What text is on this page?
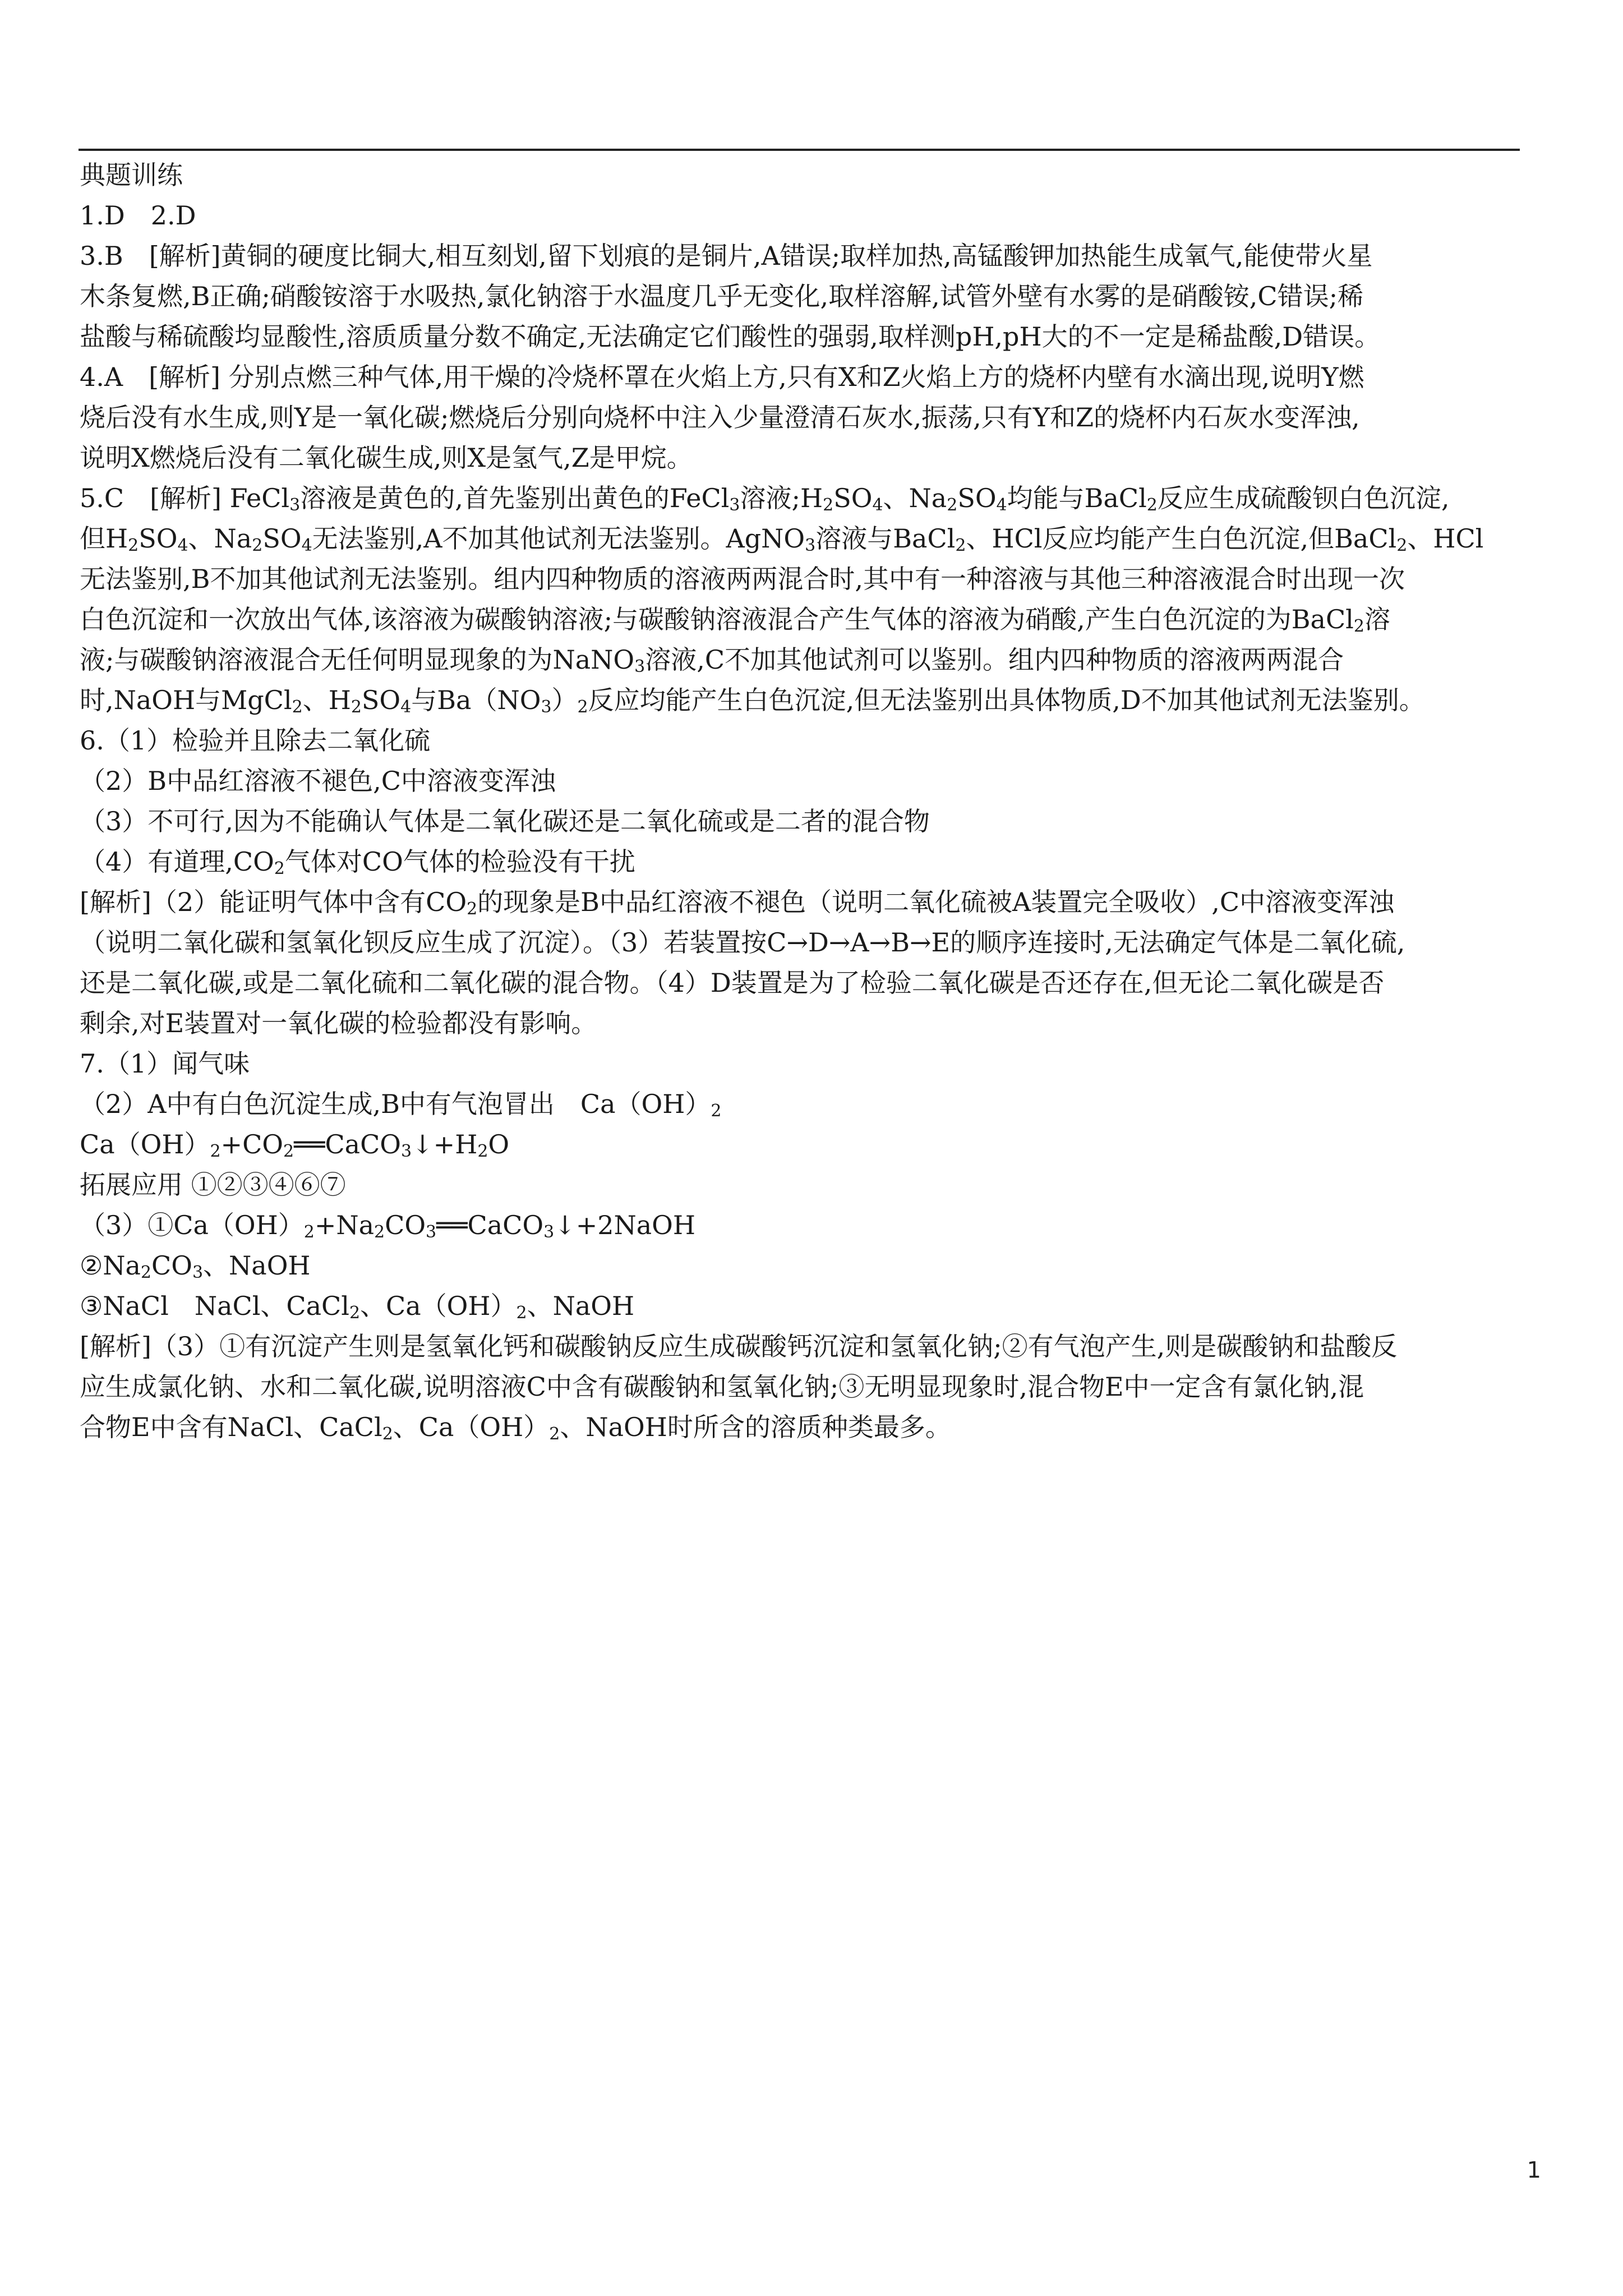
典题训练
1.D　2.D
3.B　[解析]黄铜的硬度比铜大,相互刻划,留下划痕的是铜片,A错误;取样加热,高锰酸钾加热能生成氧气,能使带火星
木条复燃,B正确;硝酸铵溶于水吸热,氯化钠溶于水温度几乎无变化,取样溶解,试管外壁有水雾的是硝酸铵,C错误;稀
盐酸与稀硫酸均显酸性,溶质质量分数不确定,无法确定它们酸性的强弱,取样测pH,pH大的不一定是稀盐酸,D错误。
4.A　[解析] 分别点燃三种气体,用干燥的冷烧杯罩在火焰上方,只有X和Z火焰上方的烧杯内壁有水滴出现,说明Y燃
烧后没有水生成,则Y是一氧化碳;燃烧后分别向烧杯中注入少量澄清石灰水,振荡,只有Y和Z的烧杯内石灰水变浑浊,
说明X燃烧后没有二氧化碳生成,则X是氢气,Z是甲烷。
5.C　[解析] FeCl$_3$溶液是黄色的,首先鉴别出黄色的FeCl$_3$溶液$;H_2SO_4$、$Na_2SO_4$均能与BaCl$_2$反应生成硫酸钡白色沉淀,
但$H_2SO_4$、$Na_2SO_4$无法鉴别,A不加其他试剂无法鉴别。AgNO$_3$溶液与BaCl$_2$、HCl反应均能产生白色沉淀,但BaCl$_2$、HCl
无法鉴别,B不加其他试剂无法鉴别。组内四种物质的溶液两两混合时,其中有一种溶液与其他三种溶液混合时出现一次
白色沉淀和一次放出气体,该溶液为碳酸钠溶液;与碳酸钠溶液混合产生气体的溶液为硝酸,产生白色沉淀的为BaCl$_2$溶
液;与碳酸钠溶液混合无任何明显现象的为NaNO$_3$溶液,C不加其他试剂可以鉴别。组内四种物质的溶液两两混合
时,NaOH与MgCl$_2$、$H_2SO_4$与$Ba(NO_3)_2$反应均能产生白色沉淀,但无法鉴别出具体物质,D不加其他试剂无法鉴别。
6.（1）检验并且除去二氧化硫
（2）B中品红溶液不褪色,C中溶液变浑浊
（3）不可行,因为不能确认气体是二氧化碳还是二氧化硫或是二者的混合物
（4）有道理$,CO_2$气体对CO气体的检验没有干扰
[解析]（2）能证明气体中含有$CO_2$的现象是B中品红溶液不褪色（说明二氧化硫被A装置完全吸收）,C中溶液变浑浊
（说明二氧化碳和氢氧化钡反应生成了沉淀）。（3）若装置按C→D→A→B→E的顺序连接时,无法确定气体是二氧化硫,
还是二氧化碳,或是二氧化硫和二氧化碳的混合物。（4）D装置是为了检验二氧化碳是否还存在,但无论二氧化碳是否
剩余,对E装置对一氧化碳的检验都没有影响。
7.（1）闻气味
（2）A中有白色沉淀生成,B中有气泡冒出　$Ca(OH)_2$
$Ca(OH)_2+CO_2══CaCO_3↓+H_2O$
拓展应用 ①②③④⑥⑦
$(3)①Ca(OH)_2+Na_2CO_3══CaCO_3↓+2NaOH$
$②Na_2CO_3$、NaOH
③NaCl　NaCl、CaCl$_2$、$Ca(OH)_2$、NaOH
[解析]（3）①有沉淀产生则是氢氧化钙和碳酸钠反应生成碳酸钙沉淀和氢氧化钠;②有气泡产生,则是碳酸钠和盐酸反
应生成氯化钠、水和二氧化碳,说明溶液C中含有碳酸钠和氢氧化钠;③无明显现象时,混合物E中一定含有氯化钠,混
合物E中含有NaCl、CaCl$_2$、$Ca(OH)_2$、NaOH时所含的溶质种类最多。
1
